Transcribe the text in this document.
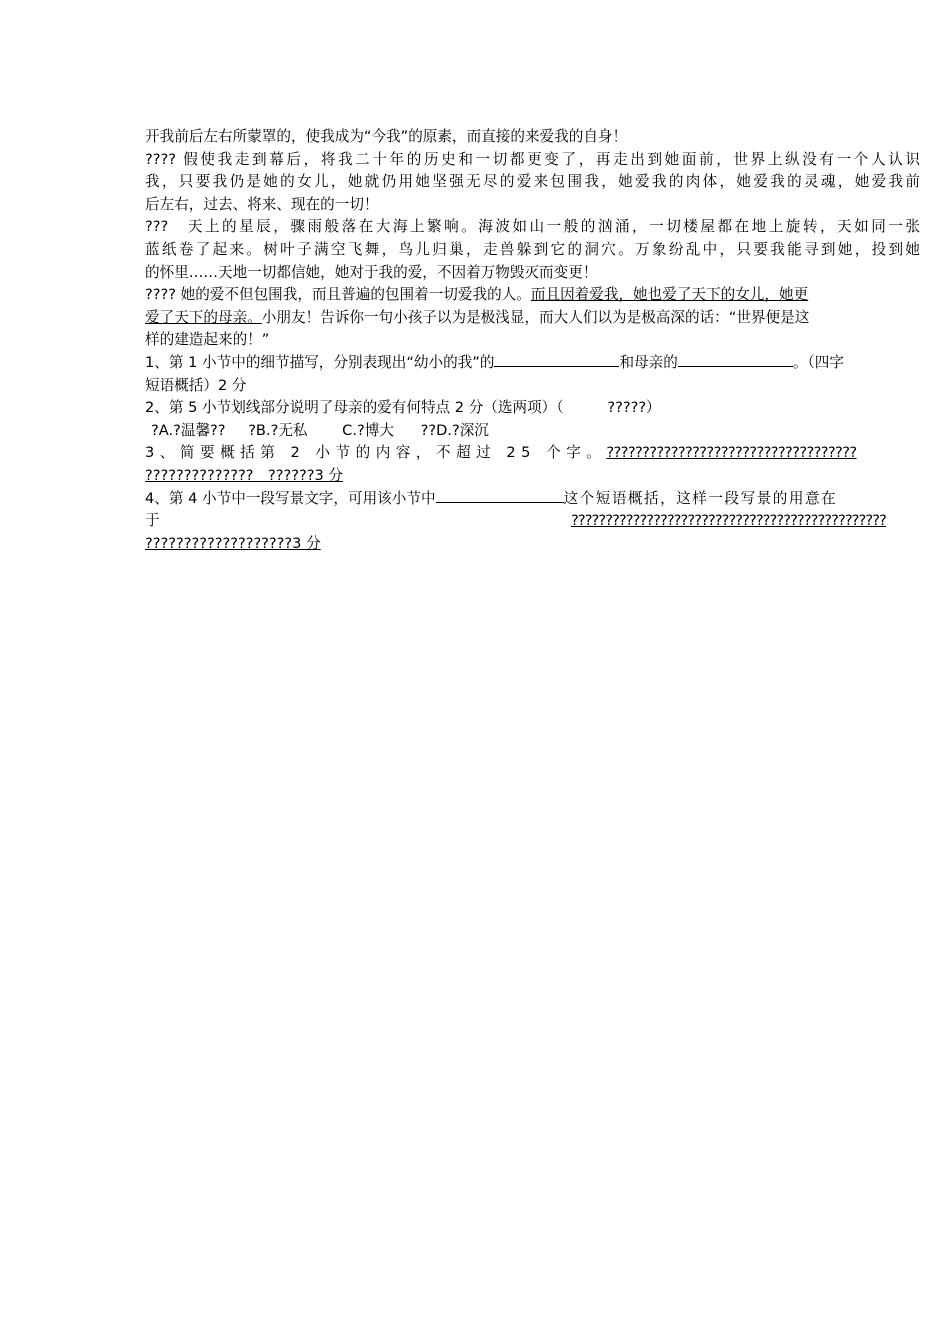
开我前后左右所蒙罩的，使我成为“今我”的原素，而直接的来爱我的自身！
???? 假使我走到幕后，将我二十年的历史和一切都更变了，再走出到她面前，世界上纵没有一个人认识
我，只要我仍是她的女儿，她就仍用她坚强无尽的爱来包围我，她爱我的肉体，她爱我的灵魂，她爱我前
后左右，过去、将来、现在的一切！
???　天上的星辰，骤雨般落在大海上繁响。海波如山一般的汹涌，一切楼屋都在地上旋转，天如同一张
蓝纸卷了起来。树叶子满空飞舞，鸟儿归巢，走兽躲到它的洞穴。万象纷乱中，只要我能寻到她，投到她
的怀里……天地一切都信她，她对于我的爱，不因着万物毁灭而变更！
???? 她的爱不但包围我，而且普遍的包围着一切爱我的人。而且因着爱我，她也爱了天下的女儿，她更
爱了天下的母亲。小朋友！告诉你一句小孩子以为是极浅显，而大人们以为是极高深的话：“世界便是这
样的建造起来的！”
1、第 1 小节中的细节描写，分别表现出“幼小的我”的	和母亲的	。（四字
短语概括）2 分
2、第 5 小节划线部分说明了母亲的爱有何特点 2 分（选两项）（　　　?????）
?A.?温馨?? ?B.?无私 C.?博大 ??D.?深沉
3、简要概括第 2 小节的内容，不超过 25 个字。???????????????????????????????????
??????????????　??????3 分
4、第 4 小节中一段写景文字，可用该小节中	这个短语概括，这样一段写景的用意在
于	??????????????????????????????????????????????
???????????????????3 分
